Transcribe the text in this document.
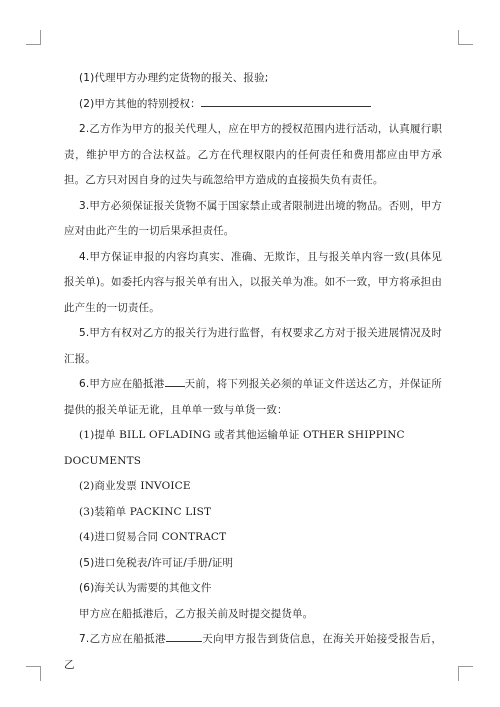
(1)代理甲方办理约定货物的报关、报验;

(2)甲方其他的特别授权：

2.乙方作为甲方的报关代理人，应在甲方的授权范围内进行活动，认真履行职责，维护甲方的合法权益。乙方在代理权限内的任何责任和费用都应由甲方承担。乙方只对因自身的过失与疏忽给甲方造成的直接损失负有责任。

3.甲方必须保证报关货物不属于国家禁止或者限制进出境的物品。否则，甲方应对由此产生的一切后果承担责任。

4.甲方保证申报的内容均真实、准确、无欺诈，且与报关单内容一致(具体见报关单)。如委托内容与报关单有出入，以报关单为准。如不一致，甲方将承担由此产生的一切责任。

5.甲方有权对乙方的报关行为进行监督，有权要求乙方对于报关进展情况及时汇报。

6.甲方应在船抵港 天前，将下列报关必须的单证文件送达乙方，并保证所提供的报关单证无讹，且单单一致与单货一致：

(1)提单 BILL OFLADING 或者其他运输单证 OTHER SHIPPINC DOCUMENTS

(2)商业发票 INVOICE

(3)装箱单 PACKINC LIST

(4)进口贸易合同 CONTRACT

(5)进口免税表/许可证/手册/证明

(6)海关认为需要的其他文件

甲方应在船抵港后，乙方报关前及时提交提货单。

7.乙方应在船抵港	天向甲方报告到货信息，在海关开始接受报告后，乙
